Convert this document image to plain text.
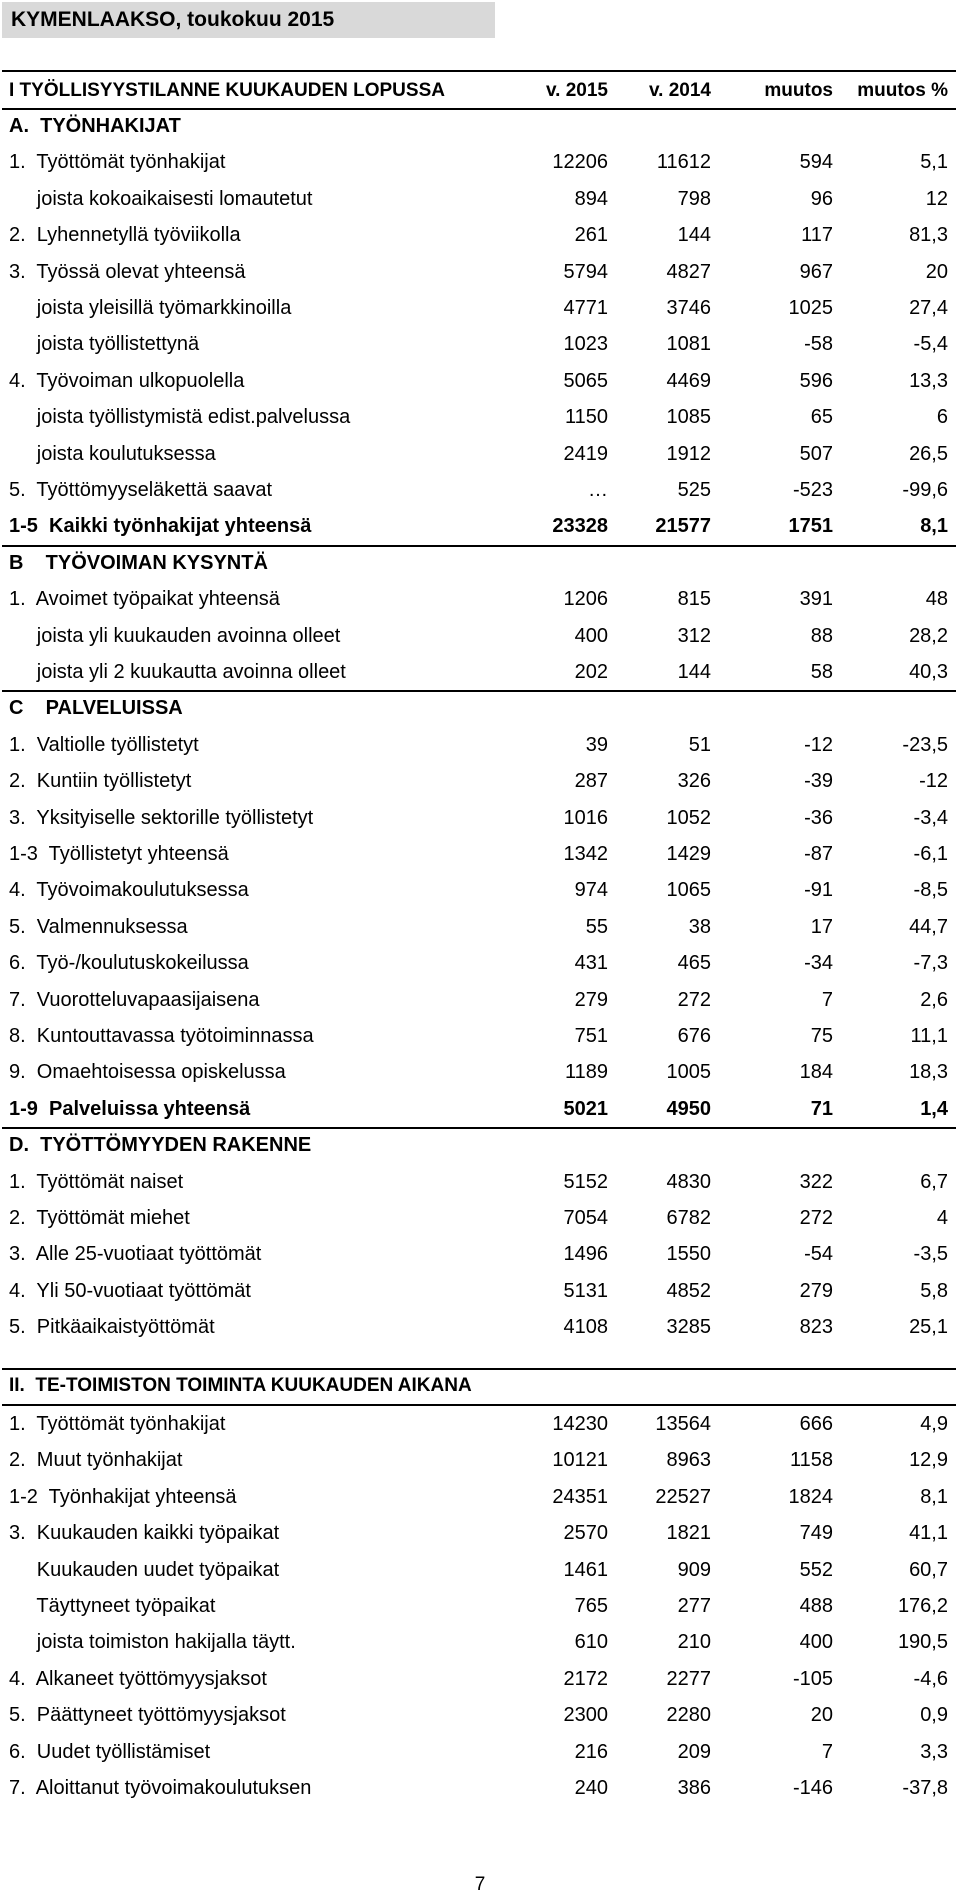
KYMENLAAKSO, toukokuu 2015
I TYÖLLISYYSTILANNE KUUKAUDEN LOPUSSA	v. 2015 v. 2014	muutos muutos %
A.  TYÖNHAKIJAT
1.  Työttömät työnhakijat	12206 11612	594	5,1
joista kokoaikaisesti lomautetut	894	798	96	12
2.  Lyhennetyllä työviikolla	261	144	117	81,3
3.  Työssä olevat yhteensä	5794	4827	967	20
joista yleisillä työmarkkinoilla	4771	3746	1025	27,4
joista työllistettynä	1023	1081	-58	-5,4
4.  Työvoiman ulkopuolella	5065	4469	596	13,3
joista työllistymistä edist.palvelussa	1150	1085	65	6
joista koulutuksessa	2419	1912	507	26,5
5.  Työttömyyseläkettä saavat	…	525	-523	-99,6
1-5  Kaikki työnhakijat yhteensä	23328 21577	1751	8,1
B    TYÖVOIMAN KYSYNTÄ
1.  Avoimet työpaikat yhteensä	1206	815	391	48
joista yli kuukauden avoinna olleet	400	312	88	28,2
joista yli 2 kuukautta avoinna olleet	202	144	58	40,3
C    PALVELUISSA
1.  Valtiolle työllistetyt	39	51	-12	-23,5
2.  Kuntiin työllistetyt	287	326	-39	-12
3.  Yksityiselle sektorille työllistetyt	1016	1052	-36	-3,4
1-3  Työllistetyt yhteensä	1342	1429	-87	-6,1
4.  Työvoimakoulutuksessa	974	1065	-91	-8,5
5.  Valmennuksessa	55	38	17	44,7
6.  Työ-/koulutuskokeilussa	431	465	-34	-7,3
7.  Vuorotteluvapaasijaisena	279	272	7	2,6
8.  Kuntouttavassa työtoiminnassa	751	676	75	11,1
9.  Omaehtoisessa opiskelussa	1189	1005	184	18,3
1-9  Palveluissa yhteensä	5021	4950	71	1,4
D.  TYÖTTÖMYYDEN RAKENNE
1.  Työttömät naiset	5152	4830	322	6,7
2.  Työttömät miehet	7054	6782	272	4
3.  Alle 25-vuotiaat työttömät	1496	1550	-54	-3,5
4.  Yli 50-vuotiaat työttömät	5131	4852	279	5,8
5.  Pitkäaikaistyöttömät	4108	3285	823	25,1
II.  TE-TOIMISTON TOIMINTA KUUKAUDEN AIKANA
1.  Työttömät työnhakijat	14230 13564	666	4,9
2.  Muut työnhakijat	10121	8963	1158	12,9
1-2  Työnhakijat yhteensä	24351 22527	1824	8,1
3.  Kuukauden kaikki työpaikat	2570	1821	749	41,1
Kuukauden uudet työpaikat	1461	909	552	60,7
Täyttyneet työpaikat	765	277	488	176,2
joista toimiston hakijalla täytt.	610	210	400	190,5
4.  Alkaneet työttömyysjaksot	2172	2277	-105	-4,6
5.  Päättyneet työttömyysjaksot	2300	2280	20	0,9
6.  Uudet työllistämiset	216	209	7	3,3
7.  Aloittanut työvoimakoulutuksen	240	386	-146	-37,8
7
